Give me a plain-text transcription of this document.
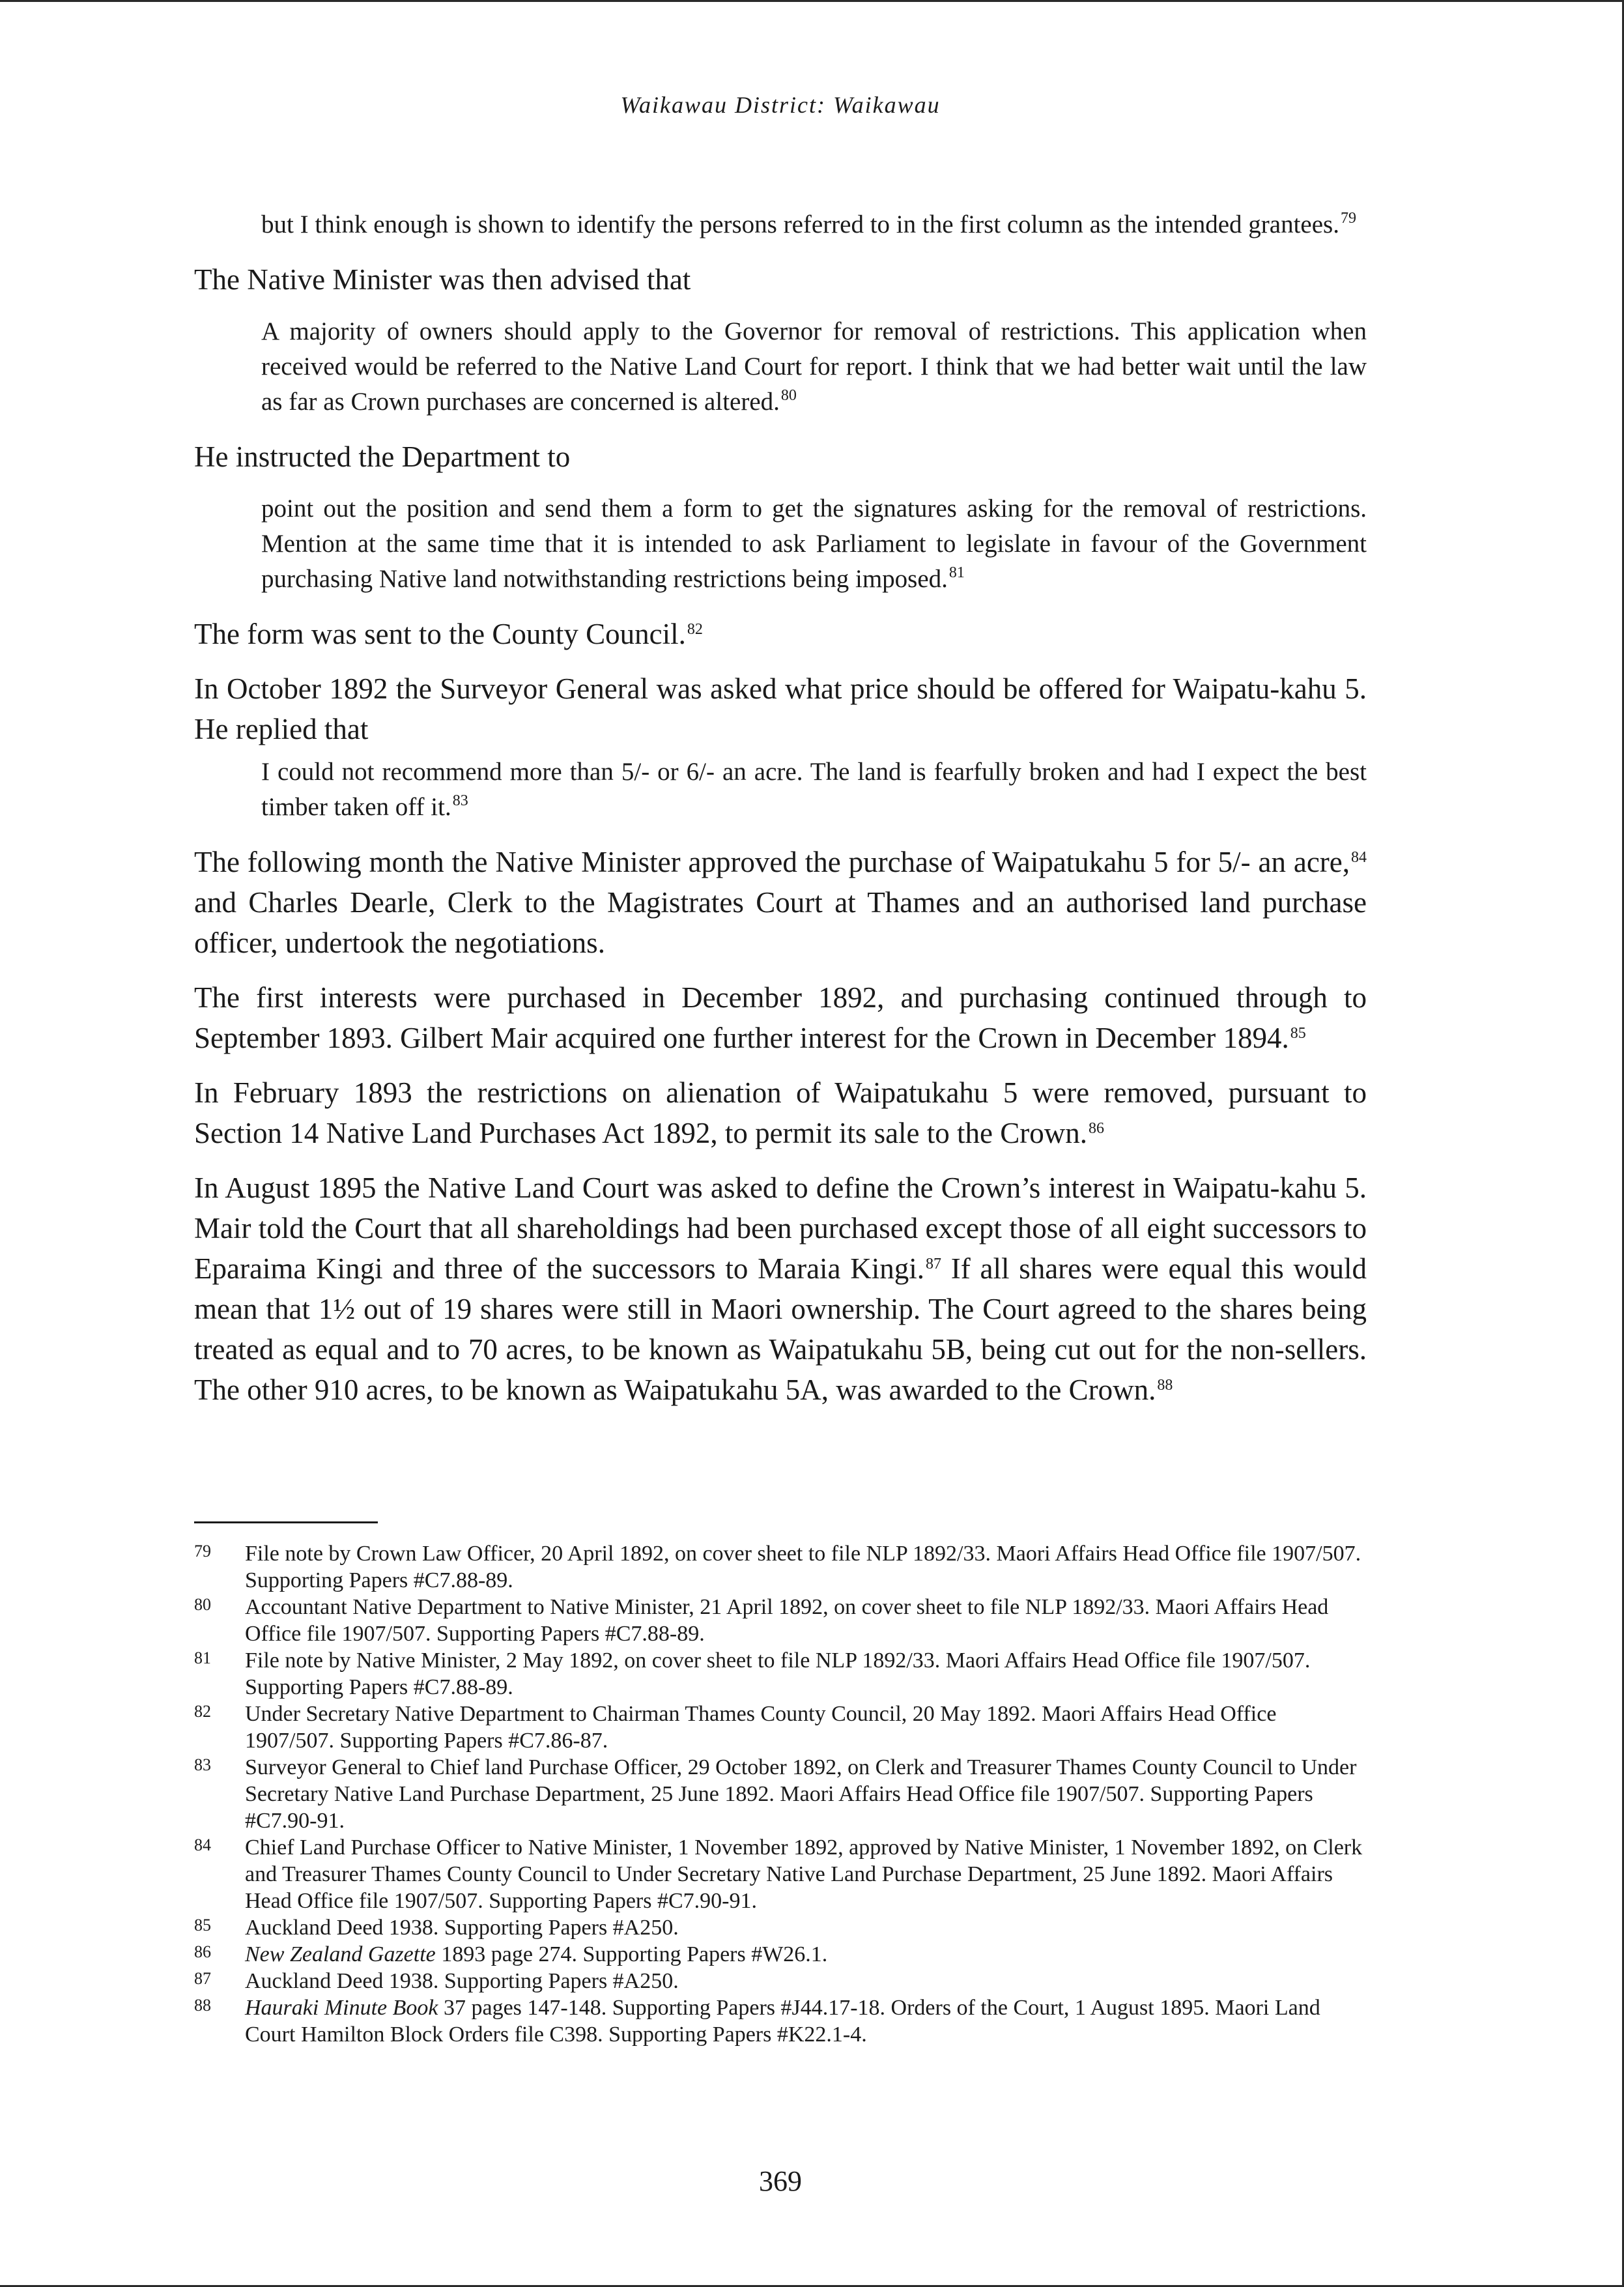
Waikawau District: Waikawau

but I think enough is shown to identify the persons referred to in the first column as the intended grantees.$^{79}$

The Native Minister was then advised that

A majority of owners should apply to the Governor for removal of restrictions. This application when received would be referred to the Native Land Court for report. I think that we had better wait until the law as far as Crown purchases are concerned is altered.$^{80}$

He instructed the Department to

point out the position and send them a form to get the signatures asking for the removal of restrictions. Mention at the same time that it is intended to ask Parliament to legislate in favour of the Government purchasing Native land notwithstanding restrictions being imposed.$^{81}$

The form was sent to the County Council.$^{82}$

In October 1892 the Surveyor General was asked what price should be offered for Waipatu-kahu 5. He replied that

I could not recommend more than 5/- or 6/- an acre. The land is fearfully broken and had I expect the best timber taken off it.$^{83}$

The following month the Native Minister approved the purchase of Waipatukahu 5 for 5/- an acre,$^{84}$ and Charles Dearle, Clerk to the Magistrates Court at Thames and an authorised land purchase officer, undertook the negotiations.

The first interests were purchased in December 1892, and purchasing continued through to September 1893. Gilbert Mair acquired one further interest for the Crown in December 1894.85

In February 1893 the restrictions on alienation of Waipatukahu 5 were removed, pursuant to Section 14 Native Land Purchases Act 1892, to permit its sale to the Crown.$^{86}$

In August 1895 the Native Land Court was asked to define the Crown’s interest in Waipatu-kahu 5. Mair told the Court that all shareholdings had been purchased except those of all eight successors to Eparaima Kingi and three of the successors to Maraia Kingi.$^{87}$ If all shares were equal this would mean that 1½ out of 19 shares were still in Maori ownership. The Court agreed to the shares being treated as equal and to 70 acres, to be known as Waipatukahu 5B, being cut out for the non-sellers. The other 910 acres, to be known as Waipatukahu 5A, was awarded to the Crown.$^{88}$

79	File note by Crown Law Officer, 20 April 1892, on cover sheet to file NLP 1892/33. Maori Affairs Head Office file 1907/507. Supporting Papers #C7.88-89.
80	Accountant Native Department to Native Minister, 21 April 1892, on cover sheet to file NLP 1892/33. Maori Affairs Head Office file 1907/507. Supporting Papers #C7.88-89.
81	File note by Native Minister, 2 May 1892, on cover sheet to file NLP 1892/33. Maori Affairs Head Office file 1907/507. Supporting Papers #C7.88-89.
82	Under Secretary Native Department to Chairman Thames County Council, 20 May 1892. Maori Affairs Head Office 1907/507. Supporting Papers #C7.86-87.
83	Surveyor General to Chief land Purchase Officer, 29 October 1892, on Clerk and Treasurer Thames County Council to Under Secretary Native Land Purchase Department, 25 June 1892. Maori Affairs Head Office file 1907/507. Supporting Papers #C7.90-91.
84	Chief Land Purchase Officer to Native Minister, 1 November 1892, approved by Native Minister, 1 November 1892, on Clerk and Treasurer Thames County Council to Under Secretary Native Land Purchase Department, 25 June 1892. Maori Affairs Head Office file 1907/507. Supporting Papers #C7.90-91.
85	Auckland Deed 1938. Supporting Papers #A250.
86	New Zealand Gazette 1893 page 274. Supporting Papers #W26.1.
87	Auckland Deed 1938. Supporting Papers #A250.
88	Hauraki Minute Book 37 pages 147-148. Supporting Papers #J44.17-18. Orders of the Court, 1 August 1895. Maori Land Court Hamilton Block Orders file C398. Supporting Papers #K22.1-4.
369
